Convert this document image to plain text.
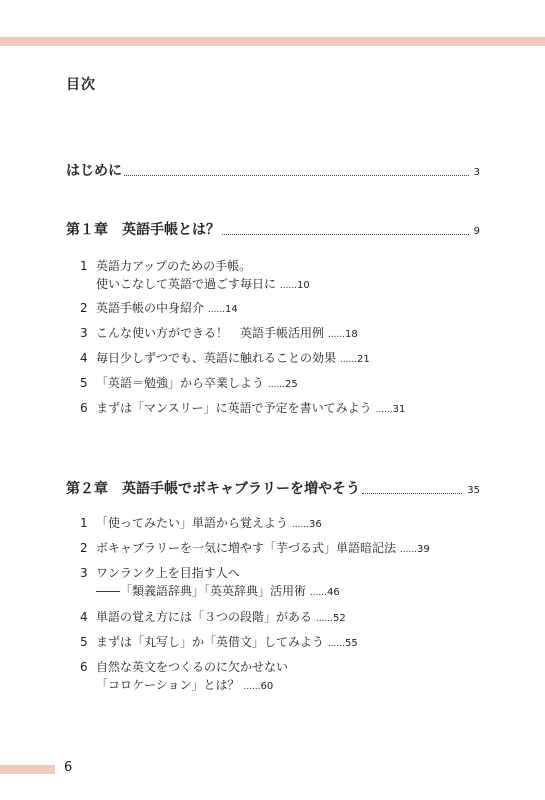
目次
はじめに	3
第１章　英語手帳とは？	9
1 英語力アップのための手帳。
使いこなして英語で過ごす毎日に ......10
2 英語手帳の中身紹介 ......14
3 こんな使い方ができる！　英語手帳活用例 ......18
4 毎日少しずつでも、英語に触れることの効果 ......21
5 「英語＝勉強」から卒業しよう ......25
6 まずは「マンスリー」に英語で予定を書いてみよう ......31
第２章　英語手帳でボキャブラリーを増やそう	35
1 「使ってみたい」単語から覚えよう ......36
2 ボキャブラリーを一気に増やす「芋づる式」単語暗記法 ......39
3 ワンランク上を目指す人へ
――「類義語辞典」「英英辞典」活用術 ......46
4 単語の覚え方には「３つの段階」がある ......52
5 まずは「丸写し」か「英借文」してみよう ......55
6 自然な英文をつくるのに欠かせない
「コロケーション」とは？ ......60
6
